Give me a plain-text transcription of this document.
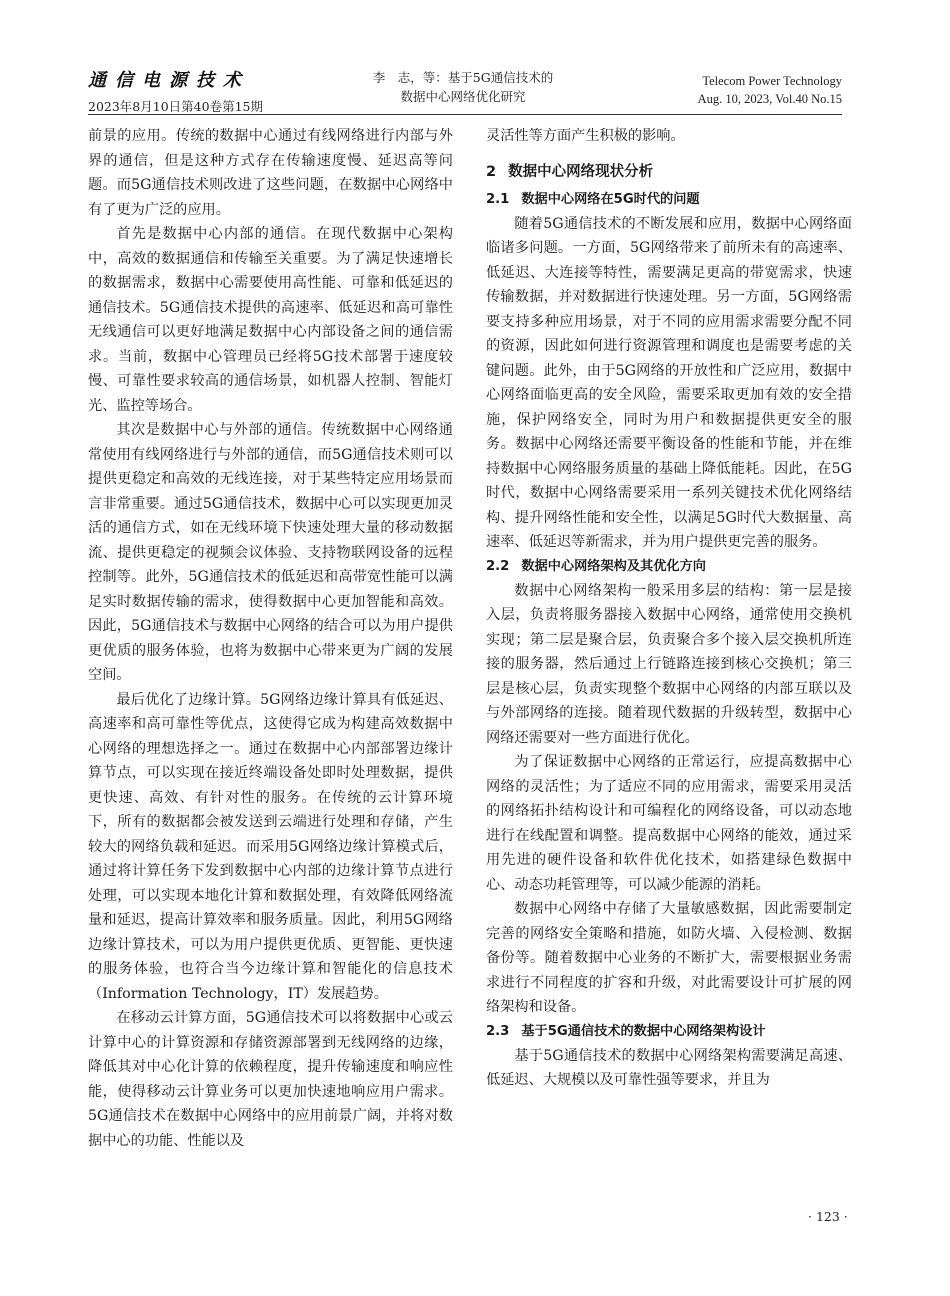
通信电源技术
2023年8月10日第40卷第15期
李　志，等：基于5G通信技术的
数据中心网络优化研究
Telecom Power Technology
Aug. 10, 2023, Vol.40 No.15

前景的应用。传统的数据中心通过有线网络进行内部与外界的通信，但是这种方式存在传输速度慢、延迟高等问题。而5G通信技术则改进了这些问题，在数据中心网络中有了更为广泛的应用。

首先是数据中心内部的通信。在现代数据中心架构中，高效的数据通信和传输至关重要。为了满足快速增长的数据需求，数据中心需要使用高性能、可靠和低延迟的通信技术。5G通信技术提供的高速率、低延迟和高可靠性无线通信可以更好地满足数据中心内部设备之间的通信需求。当前，数据中心管理员已经将5G技术部署于速度较慢、可靠性要求较高的通信场景，如机器人控制、智能灯光、监控等场合。

其次是数据中心与外部的通信。传统数据中心网络通常使用有线网络进行与外部的通信，而5G通信技术则可以提供更稳定和高效的无线连接，对于某些特定应用场景而言非常重要。通过5G通信技术，数据中心可以实现更加灵活的通信方式，如在无线环境下快速处理大量的移动数据流、提供更稳定的视频会议体验、支持物联网设备的远程控制等。此外，5G通信技术的低延迟和高带宽性能可以满足实时数据传输的需求，使得数据中心更加智能和高效。因此，5G通信技术与数据中心网络的结合可以为用户提供更优质的服务体验，也将为数据中心带来更为广阔的发展空间。

最后优化了边缘计算。5G网络边缘计算具有低延迟、高速率和高可靠性等优点，这使得它成为构建高效数据中心网络的理想选择之一。通过在数据中心内部部署边缘计算节点，可以实现在接近终端设备处即时处理数据，提供更快速、高效、有针对性的服务。在传统的云计算环境下，所有的数据都会被发送到云端进行处理和存储，产生较大的网络负载和延迟。而采用5G网络边缘计算模式后，通过将计算任务下发到数据中心内部的边缘计算节点进行处理，可以实现本地化计算和数据处理，有效降低网络流量和延迟，提高计算效率和服务质量。因此，利用5G网络边缘计算技术，可以为用户提供更优质、更智能、更快速的服务体验，也符合当今边缘计算和智能化的信息技术（Information Technology，IT）发展趋势。

在移动云计算方面，5G通信技术可以将数据中心或云计算中心的计算资源和存储资源部署到无线网络的边缘，降低其对中心化计算的依赖程度，提升传输速度和响应性能，使得移动云计算业务可以更加快速地响应用户需求。5G通信技术在数据中心网络中的应用前景广阔，并将对数据中心的功能、性能以及

灵活性等方面产生积极的影响。

2 数据中心网络现状分析
2.1 数据中心网络在5G时代的问题

随着5G通信技术的不断发展和应用，数据中心网络面临诸多问题。一方面，5G网络带来了前所未有的高速率、低延迟、大连接等特性，需要满足更高的带宽需求，快速传输数据，并对数据进行快速处理。另一方面，5G网络需要支持多种应用场景，对于不同的应用需求需要分配不同的资源，因此如何进行资源管理和调度也是需要考虑的关键问题。此外，由于5G网络的开放性和广泛应用，数据中心网络面临更高的安全风险，需要采取更加有效的安全措施，保护网络安全，同时为用户和数据提供更安全的服务。数据中心网络还需要平衡设备的性能和节能，并在维持数据中心网络服务质量的基础上降低能耗。因此，在5G时代，数据中心网络需要采用一系列关键技术优化网络结构、提升网络性能和安全性，以满足5G时代大数据量、高速率、低延迟等新需求，并为用户提供更完善的服务。

2.2 数据中心网络架构及其优化方向

数据中心网络架构一般采用多层的结构：第一层是接入层，负责将服务器接入数据中心网络，通常使用交换机实现；第二层是聚合层，负责聚合多个接入层交换机所连接的服务器，然后通过上行链路连接到核心交换机；第三层是核心层，负责实现整个数据中心网络的内部互联以及与外部网络的连接。随着现代数据的升级转型，数据中心网络还需要对一些方面进行优化。

为了保证数据中心网络的正常运行，应提高数据中心网络的灵活性；为了适应不同的应用需求，需要采用灵活的网络拓扑结构设计和可编程化的网络设备，可以动态地进行在线配置和调整。提高数据中心网络的能效，通过采用先进的硬件设备和软件优化技术，如搭建绿色数据中心、动态功耗管理等，可以减少能源的消耗。

数据中心网络中存储了大量敏感数据，因此需要制定完善的网络安全策略和措施，如防火墙、入侵检测、数据备份等。随着数据中心业务的不断扩大，需要根据业务需求进行不同程度的扩容和升级，对此需要设计可扩展的网络架构和设备。

2.3 基于5G通信技术的数据中心网络架构设计

基于5G通信技术的数据中心网络架构需要满足高速、低延迟、大规模以及可靠性强等要求，并且为

· 123 ·
